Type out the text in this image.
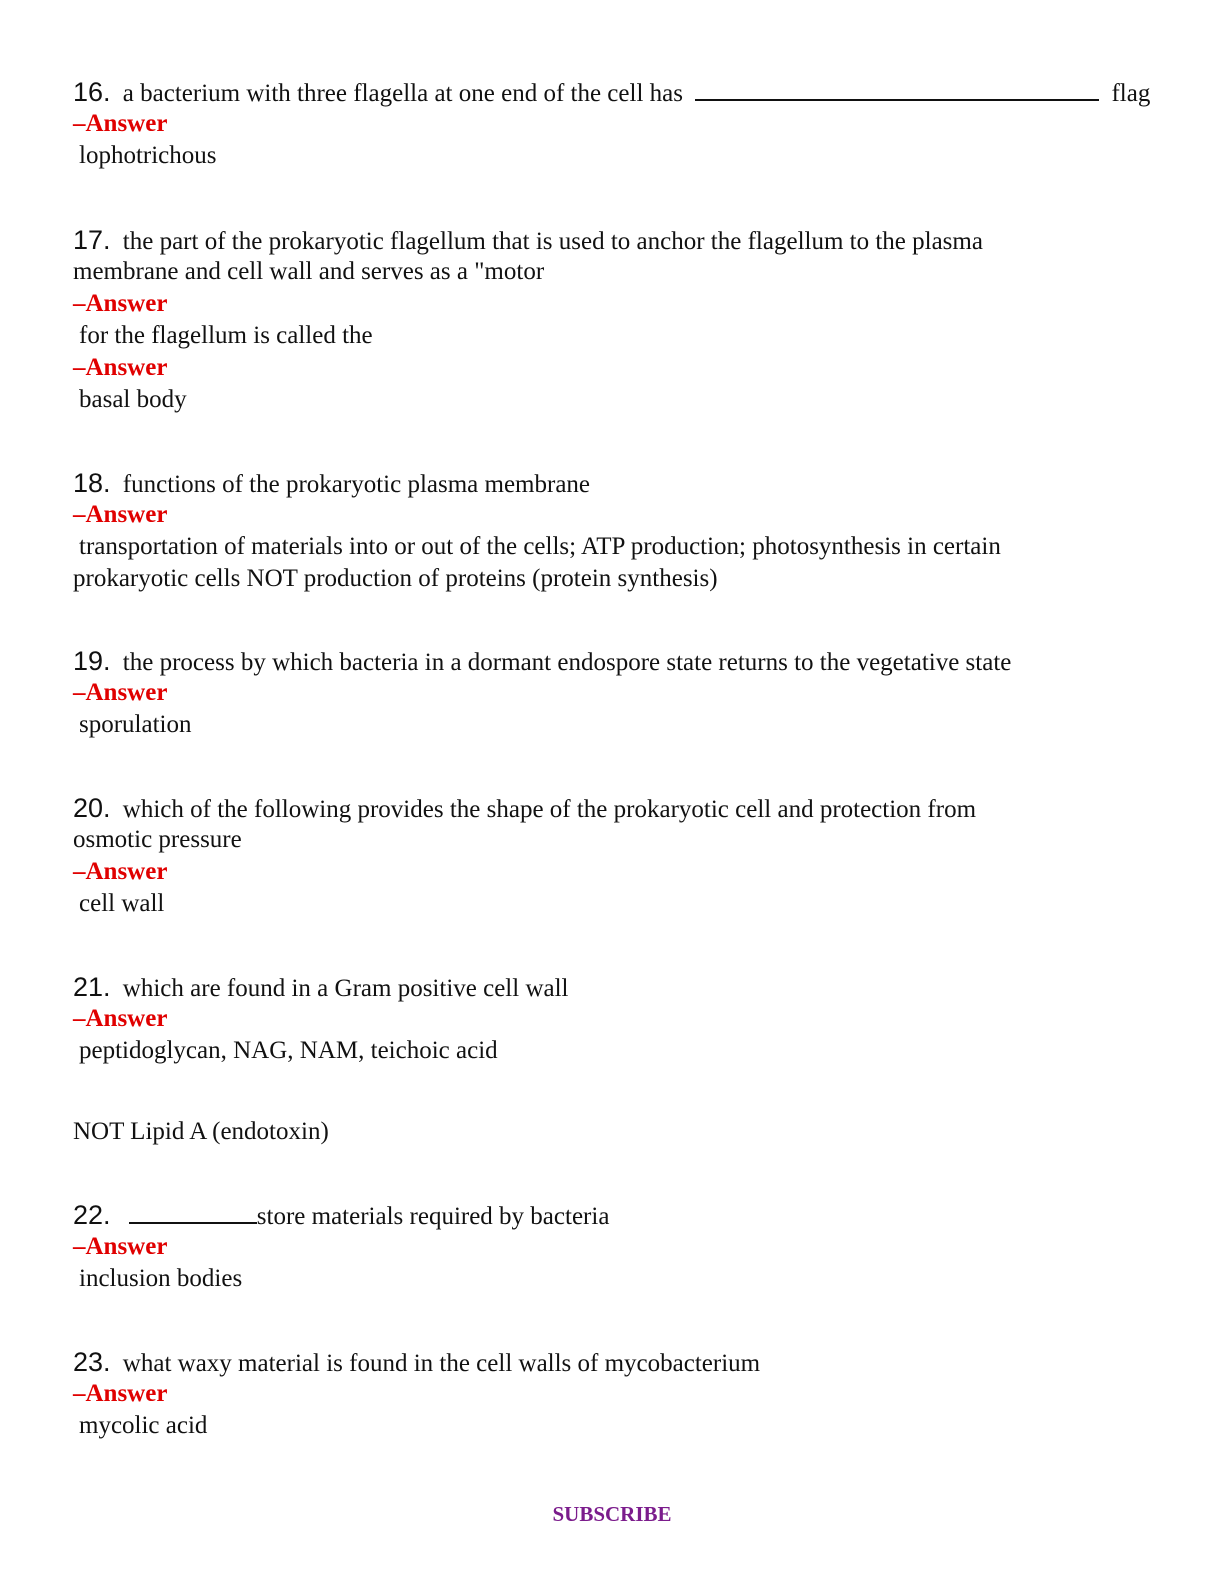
16. a bacterium with three flagella at one end of the cell has	flag
–Answer
lophotrichous
17. the part of the prokaryotic flagellum that is used to anchor the flagellum to the plasma
membrane and cell wall and serves as a "motor
–Answer
for the flagellum is called the
–Answer
basal body
18. functions of the prokaryotic plasma membrane
–Answer
transportation of materials into or out of the cells; ATP production; photosynthesis in certain
prokaryotic cells NOT production of proteins (protein synthesis)
19. the process by which bacteria in a dormant endospore state returns to the vegetative state
–Answer
sporulation
20. which of the following provides the shape of the prokaryotic cell and protection from
osmotic pressure
–Answer
cell wall
21. which are found in a Gram positive cell wall
–Answer
peptidoglycan, NAG, NAM, teichoic acid
NOT Lipid A (endotoxin)
22.	store materials required by bacteria
–Answer
inclusion bodies
23. what waxy material is found in the cell walls of mycobacterium
–Answer
mycolic acid
SUBSCRIBE
